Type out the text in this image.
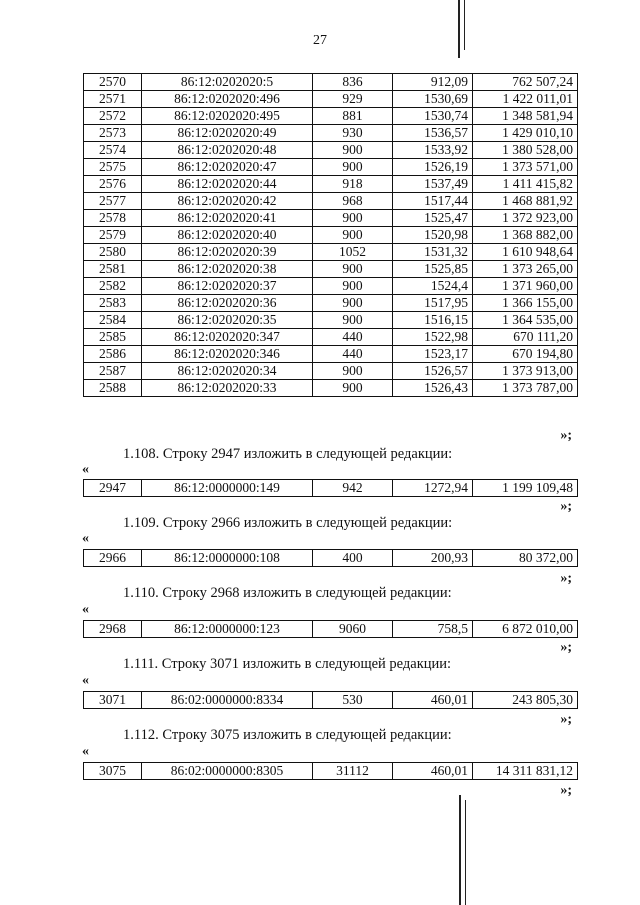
27
2570	86:12:0202020:5	836	912,09	762 507,24
2571	86:12:0202020:496	929	1530,69	1 422 011,01
2572	86:12:0202020:495	881	1530,74	1 348 581,94
2573	86:12:0202020:49	930	1536,57	1 429 010,10
2574	86:12:0202020:48	900	1533,92	1 380 528,00
2575	86:12:0202020:47	900	1526,19	1 373 571,00
2576	86:12:0202020:44	918	1537,49	1 411 415,82
2577	86:12:0202020:42	968	1517,44	1 468 881,92
2578	86:12:0202020:41	900	1525,47	1 372 923,00
2579	86:12:0202020:40	900	1520,98	1 368 882,00
2580	86:12:0202020:39	1052	1531,32	1 610 948,64
2581	86:12:0202020:38	900	1525,85	1 373 265,00
2582	86:12:0202020:37	900	1524,4	1 371 960,00
2583	86:12:0202020:36	900	1517,95	1 366 155,00
2584	86:12:0202020:35	900	1516,15	1 364 535,00
2585	86:12:0202020:347	440	1522,98	670 111,20
2586	86:12:0202020:346	440	1523,17	670 194,80
2587	86:12:0202020:34	900	1526,57	1 373 913,00
2588	86:12:0202020:33	900	1526,43	1 373 787,00
»;
1.108. Строку 2947 изложить в следующей редакции:
«
2947	86:12:0000000:149	942	1272,94	1 199 109,48
»;
1.109. Строку 2966 изложить в следующей редакции:
«
2966	86:12:0000000:108	400	200,93	80 372,00
»;
1.110. Строку 2968 изложить в следующей редакции:
«
2968	86:12:0000000:123	9060	758,5	6 872 010,00
»;
1.111. Строку 3071 изложить в следующей редакции:
«
3071	86:02:0000000:8334	530	460,01	243 805,30
»;
1.112. Строку 3075 изложить в следующей редакции:
«
3075	86:02:0000000:8305	31112	460,01	14 311 831,12
»;
